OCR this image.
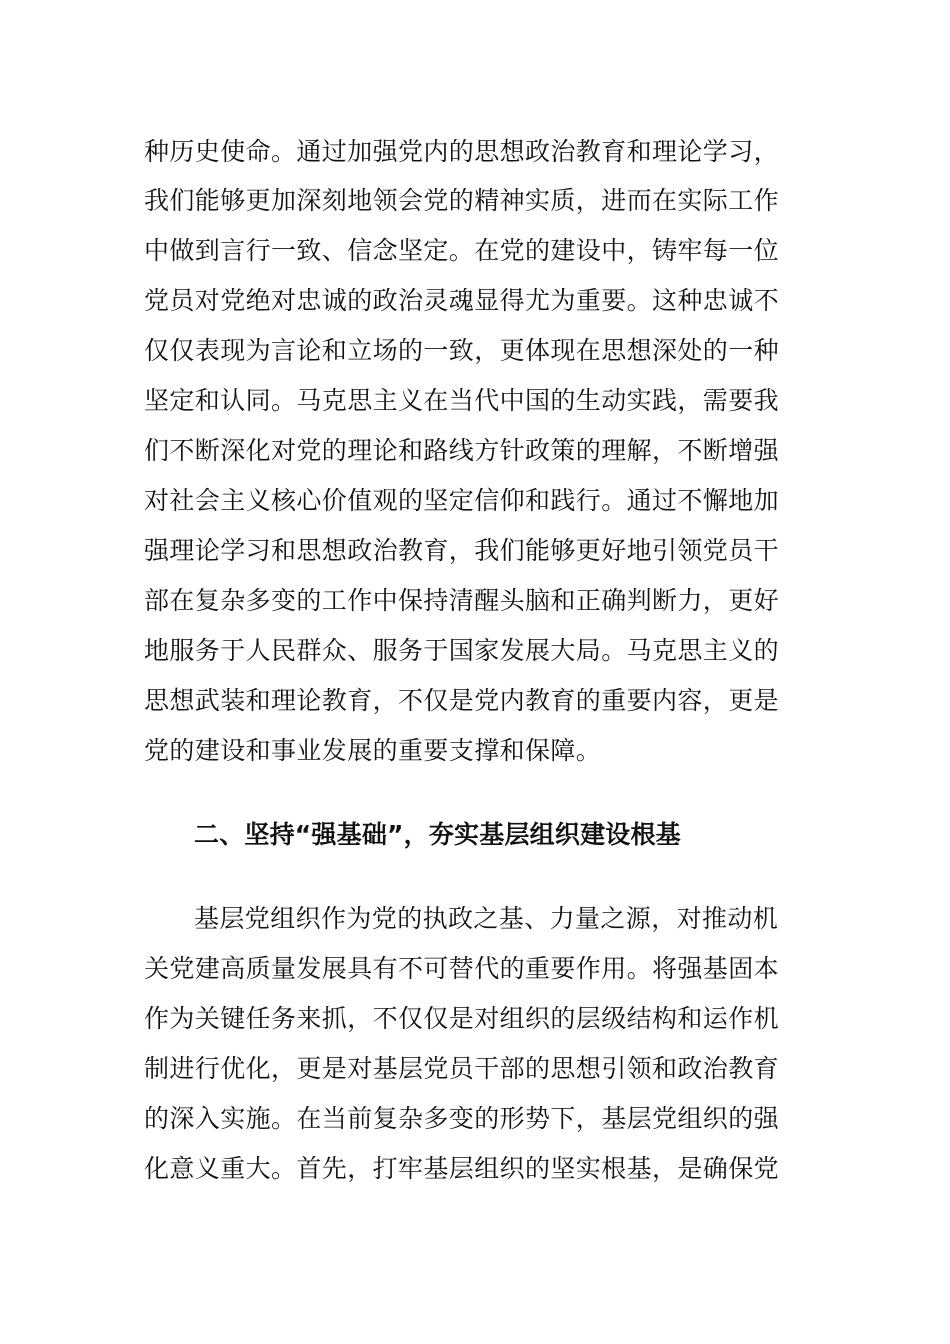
种历史使命。通过加强党内的思想政治教育和理论学习，
我们能够更加深刻地领会党的精神实质，进而在实际工作
中做到言行一致、信念坚定。在党的建设中，铸牢每一位
党员对党绝对忠诚的政治灵魂显得尤为重要。这种忠诚不
仅仅表现为言论和立场的一致，更体现在思想深处的一种
坚定和认同。马克思主义在当代中国的生动实践，需要我
们不断深化对党的理论和路线方针政策的理解，不断增强
对社会主义核心价值观的坚定信仰和践行。通过不懈地加
强理论学习和思想政治教育，我们能够更好地引领党员干
部在复杂多变的工作中保持清醒头脑和正确判断力，更好
地服务于人民群众、服务于国家发展大局。马克思主义的
思想武装和理论教育，不仅是党内教育的重要内容，更是
党的建设和事业发展的重要支撑和保障。
二、坚持“强基础”，夯实基层组织建设根基
基层党组织作为党的执政之基、力量之源，对推动机
关党建高质量发展具有不可替代的重要作用。将强基固本
作为关键任务来抓，不仅仅是对组织的层级结构和运作机
制进行优化，更是对基层党员干部的思想引领和政治教育
的深入实施。在当前复杂多变的形势下，基层党组织的强
化意义重大。首先，打牢基层组织的坚实根基，是确保党
